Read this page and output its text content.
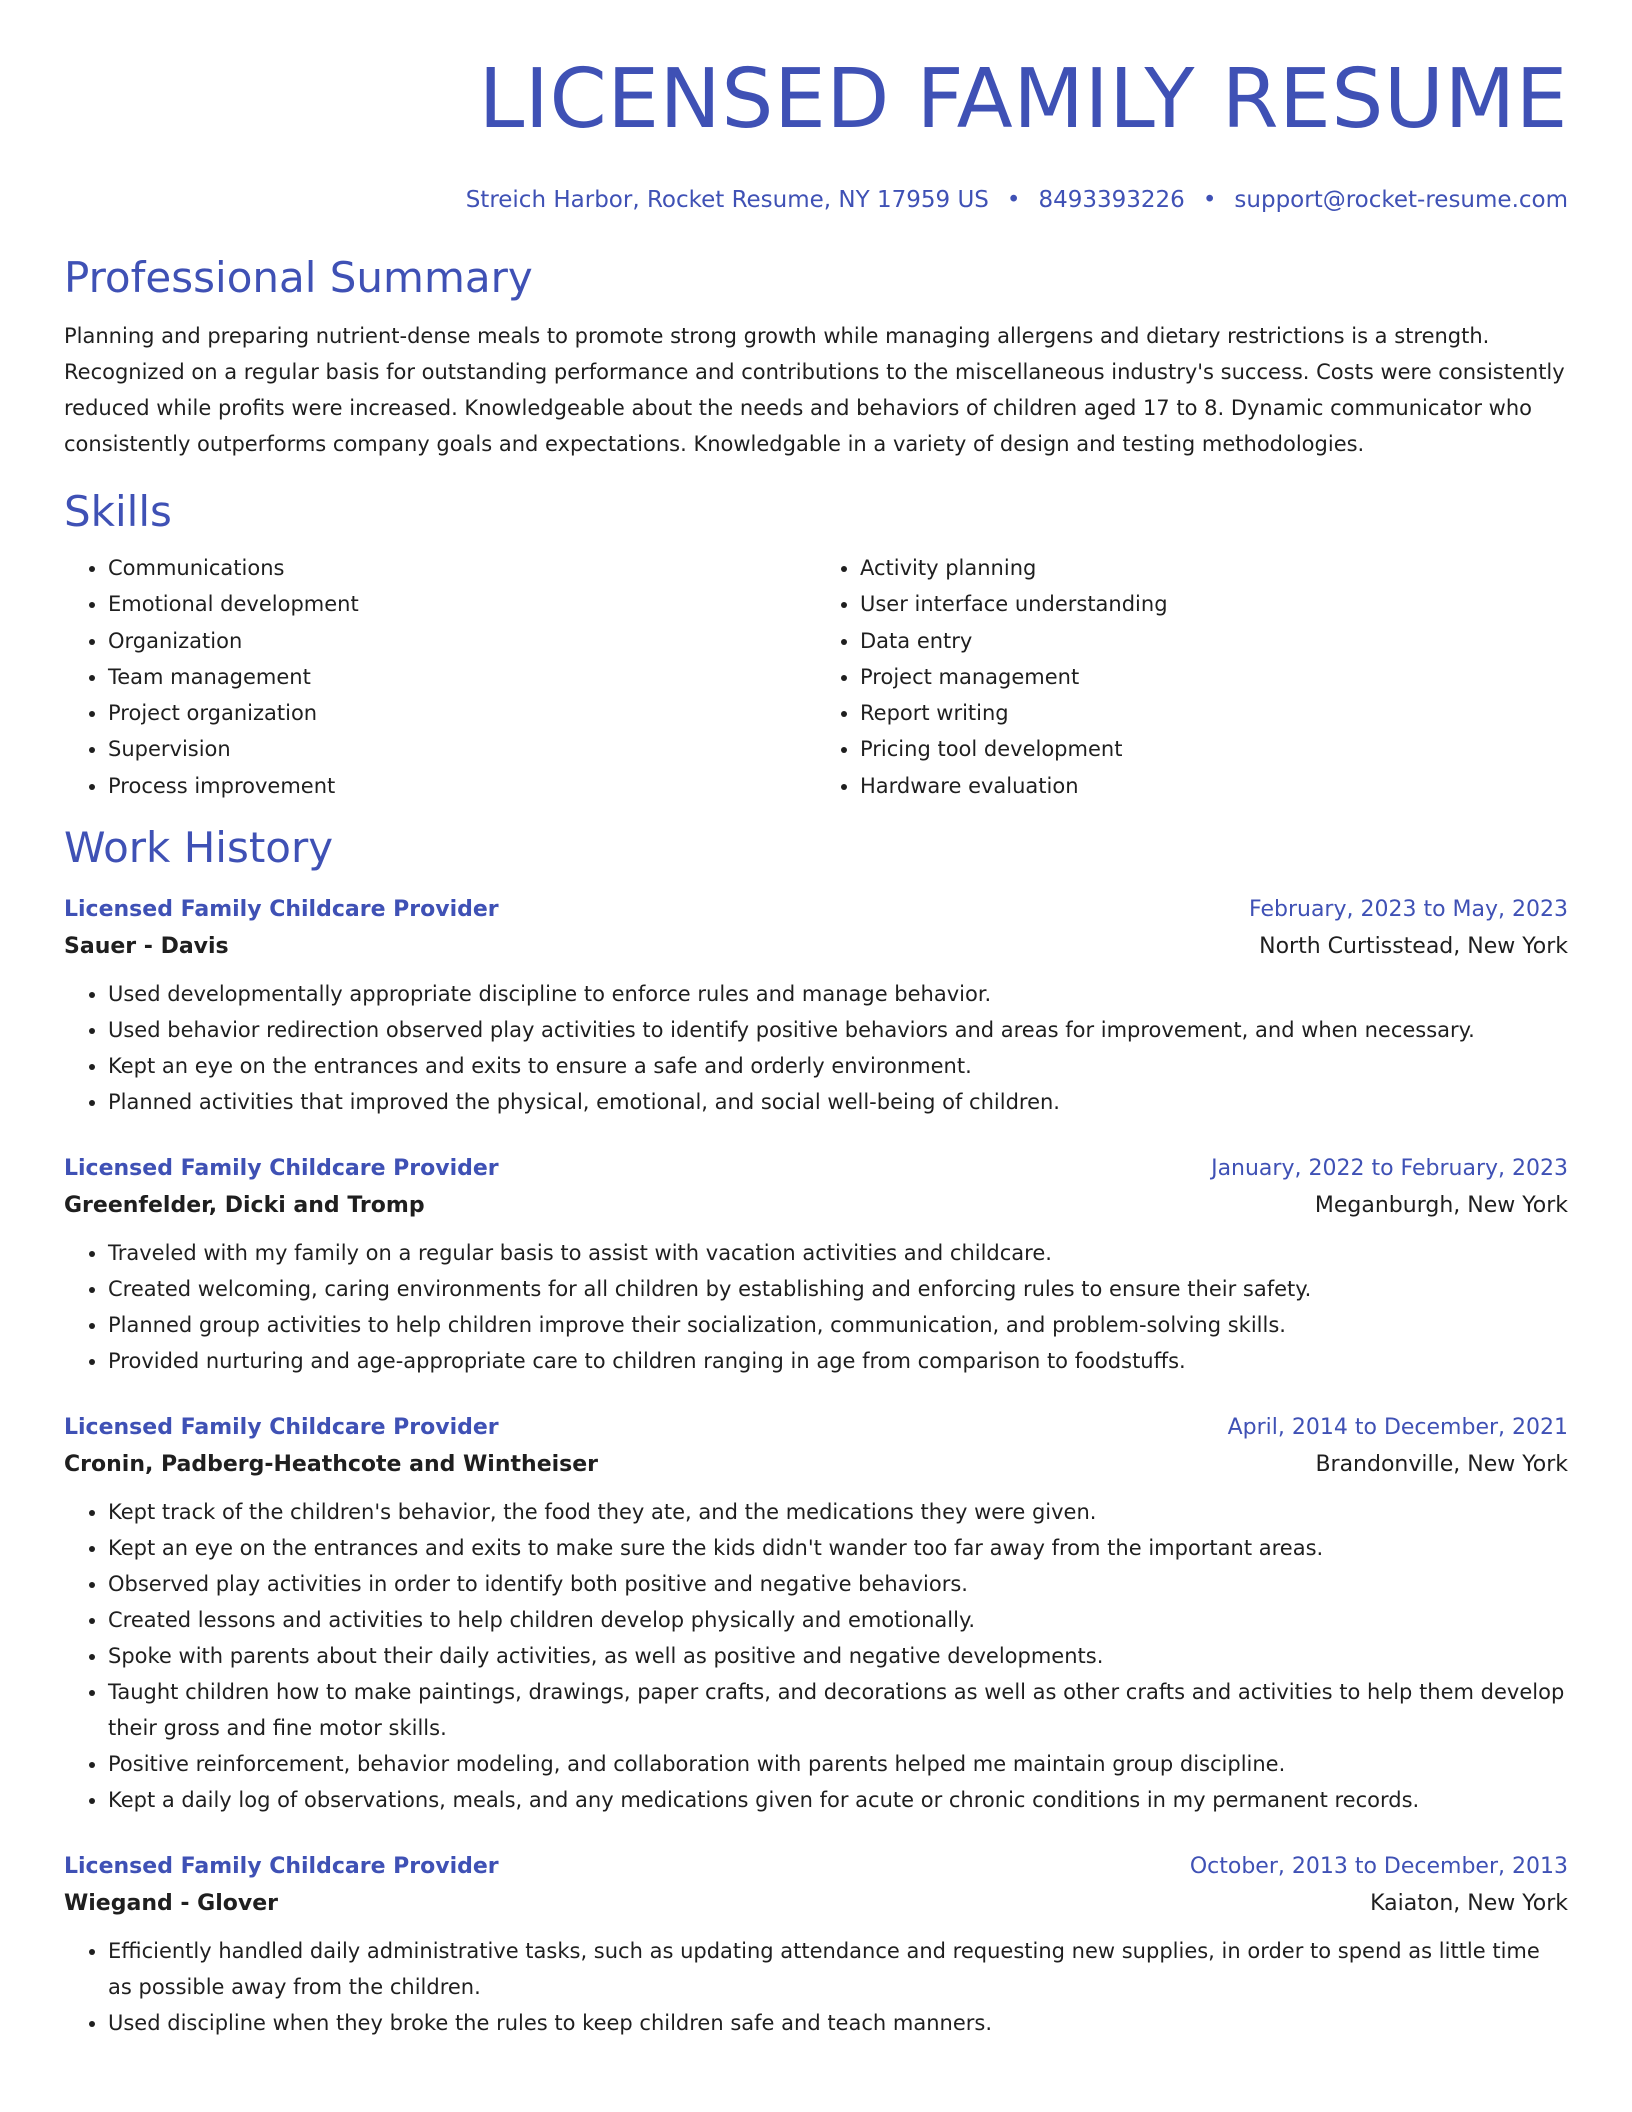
LICENSED FAMILY RESUME
Streich Harbor, Rocket Resume, NY 17959 US • 8493393226 • support@rocket-resume.com
Professional Summary

Planning and preparing nutrient-dense meals to promote strong growth while managing allergens and dietary restrictions is a strength. Recognized on a regular basis for outstanding performance and contributions to the miscellaneous industry's success. Costs were consistently reduced while profits were increased. Knowledgeable about the needs and behaviors of children aged 17 to 8. Dynamic communicator who consistently outperforms company goals and expectations. Knowledgable in a variety of design and testing methodologies.

Skills
• Communications
• Emotional development
• Organization
• Team management
• Project organization
• Supervision
• Process improvement
• Activity planning
• User interface understanding
• Data entry
• Project management
• Report writing
• Pricing tool development
• Hardware evaluation
Work History
Licensed Family Childcare Provider	February, 2023 to May, 2023
Sauer - Davis	North Curtisstead, New York
• Used developmentally appropriate discipline to enforce rules and manage behavior.
• Used behavior redirection observed play activities to identify positive behaviors and areas for improvement, and when necessary.
• Kept an eye on the entrances and exits to ensure a safe and orderly environment.
• Planned activities that improved the physical, emotional, and social well-being of children.
Licensed Family Childcare Provider	January, 2022 to February, 2023
Greenfelder, Dicki and Tromp	Meganburgh, New York
• Traveled with my family on a regular basis to assist with vacation activities and childcare.
• Created welcoming, caring environments for all children by establishing and enforcing rules to ensure their safety.
• Planned group activities to help children improve their socialization, communication, and problem-solving skills.
• Provided nurturing and age-appropriate care to children ranging in age from comparison to foodstuffs.
Licensed Family Childcare Provider	April, 2014 to December, 2021
Cronin, Padberg-Heathcote and Wintheiser	Brandonville, New York
• Kept track of the children's behavior, the food they ate, and the medications they were given.
• Kept an eye on the entrances and exits to make sure the kids didn't wander too far away from the important areas.
• Observed play activities in order to identify both positive and negative behaviors.
• Created lessons and activities to help children develop physically and emotionally.
• Spoke with parents about their daily activities, as well as positive and negative developments.
• Taught children how to make paintings, drawings, paper crafts, and decorations as well as other crafts and activities to help them develop their gross and fine motor skills.
• Positive reinforcement, behavior modeling, and collaboration with parents helped me maintain group discipline.
• Kept a daily log of observations, meals, and any medications given for acute or chronic conditions in my permanent records.
Licensed Family Childcare Provider	October, 2013 to December, 2013
Wiegand - Glover	Kaiaton, New York
• Efficiently handled daily administrative tasks, such as updating attendance and requesting new supplies, in order to spend as little time as possible away from the children.
• Used discipline when they broke the rules to keep children safe and teach manners.
